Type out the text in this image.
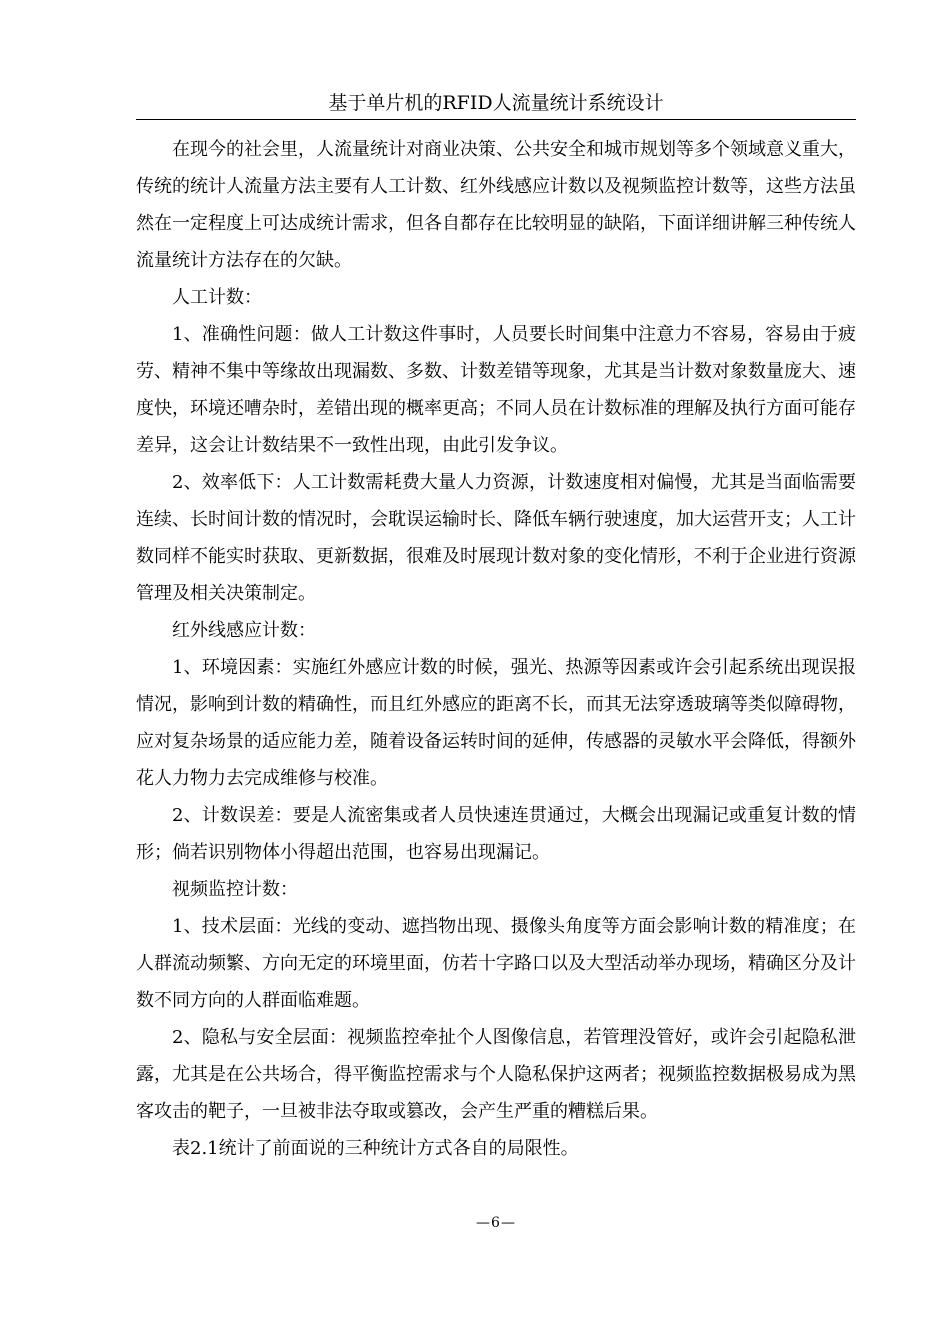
基于单片机的RFID人流量统计系统设计

在现今的社会里，人流量统计对商业决策、公共安全和城市规划等多个领域意义重大，传统的统计人流量方法主要有人工计数、红外线感应计数以及视频监控计数等，这些方法虽然在一定程度上可达成统计需求，但各自都存在比较明显的缺陷，下面详细讲解三种传统人流量统计方法存在的欠缺。

人工计数：

1、准确性问题：做人工计数这件事时，人员要长时间集中注意力不容易，容易由于疲劳、精神不集中等缘故出现漏数、多数、计数差错等现象，尤其是当计数对象数量庞大、速度快，环境还嘈杂时，差错出现的概率更高；不同人员在计数标准的理解及执行方面可能存差异，这会让计数结果不一致性出现，由此引发争议。

2、效率低下：人工计数需耗费大量人力资源，计数速度相对偏慢，尤其是当面临需要连续、长时间计数的情况时，会耽误运输时长、降低车辆行驶速度，加大运营开支；人工计数同样不能实时获取、更新数据，很难及时展现计数对象的变化情形，不利于企业进行资源管理及相关决策制定。

红外线感应计数：

1、环境因素：实施红外感应计数的时候，强光、热源等因素或许会引起系统出现误报情况，影响到计数的精确性，而且红外感应的距离不长，而其无法穿透玻璃等类似障碍物，应对复杂场景的适应能力差，随着设备运转时间的延伸，传感器的灵敏水平会降低，得额外花人力物力去完成维修与校准。

2、计数误差：要是人流密集或者人员快速连贯通过，大概会出现漏记或重复计数的情形；倘若识别物体小得超出范围，也容易出现漏记。

视频监控计数：

1、技术层面：光线的变动、遮挡物出现、摄像头角度等方面会影响计数的精准度；在人群流动频繁、方向无定的环境里面，仿若十字路口以及大型活动举办现场，精确区分及计数不同方向的人群面临难题。

2、隐私与安全层面：视频监控牵扯个人图像信息，若管理没管好，或许会引起隐私泄露，尤其是在公共场合，得平衡监控需求与个人隐私保护这两者；视频监控数据极易成为黑客攻击的靶子，一旦被非法夺取或篡改，会产生严重的糟糕后果。

表2.1统计了前面说的三种统计方式各自的局限性。

—6—
